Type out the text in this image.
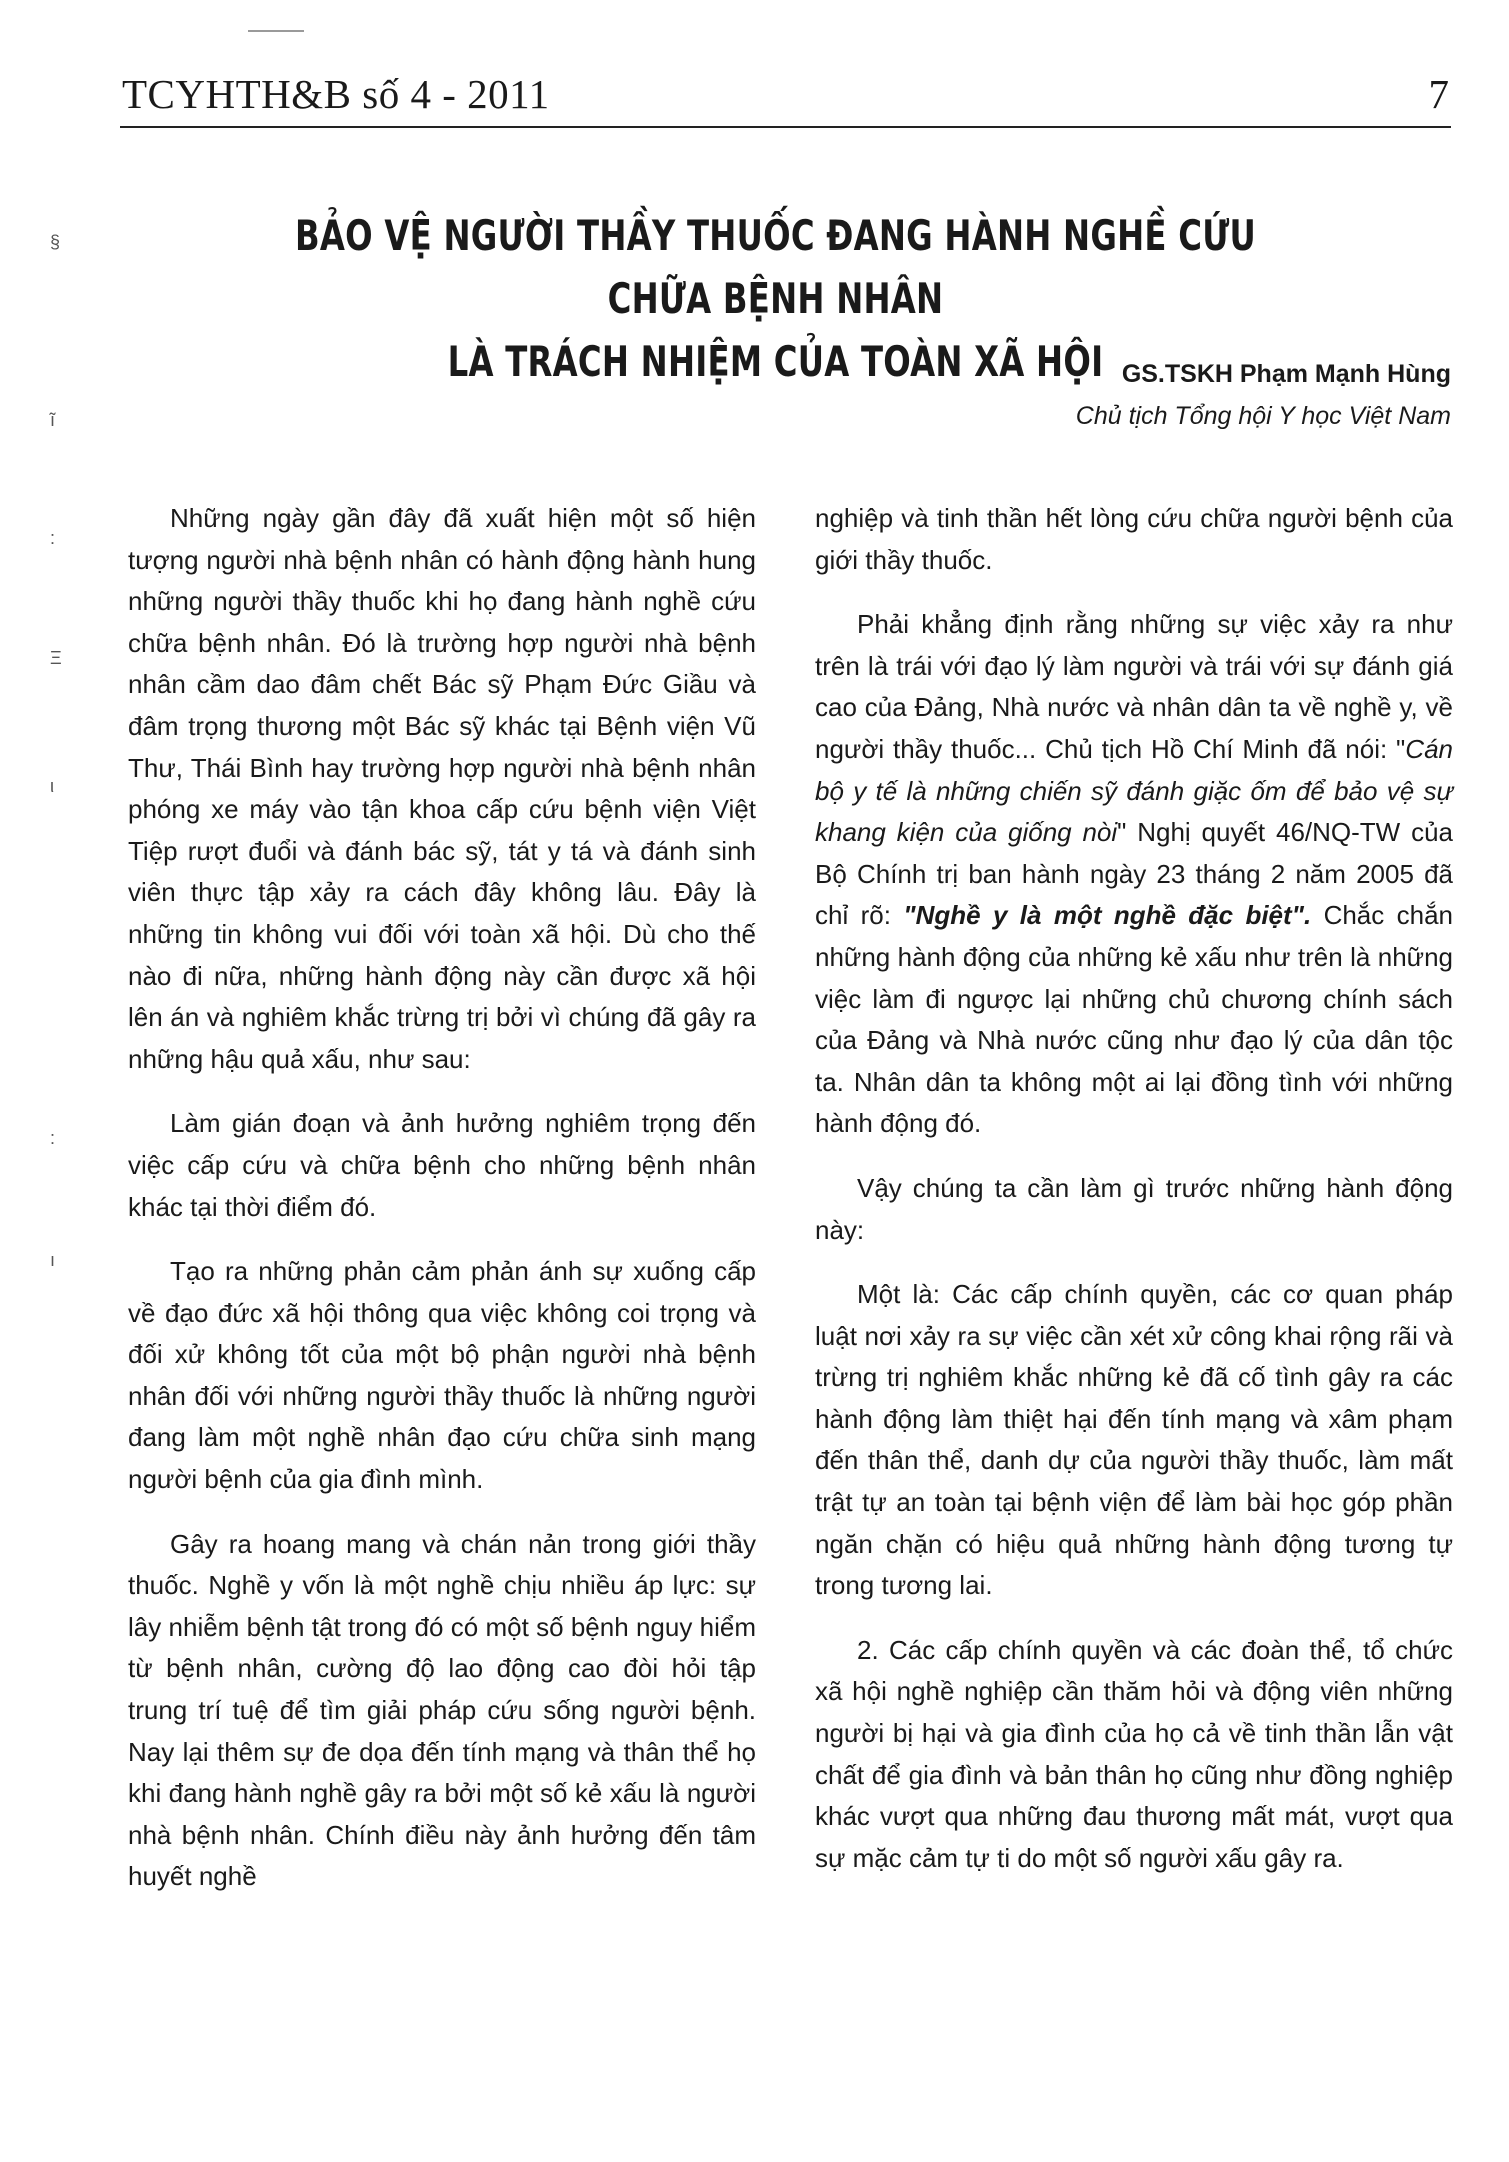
TCYHTH&B số 4 - 2011	7
§
ĩ
:
Ξ
ι
:
ı
BẢO VỆ NGƯỜI THẦY THUỐC ĐANG HÀNH NGHỀ CỨU CHỮA BỆNH NHÂN
LÀ TRÁCH NHIỆM CỦA TOÀN XÃ HỘI GS.TSKH Phạm Mạnh Hùng
Chủ tịch Tổng hội Y học Việt Nam

Những ngày gần đây đã xuất hiện một số hiện tượng người nhà bệnh nhân có hành động hành hung những người thầy thuốc khi họ đang hành nghề cứu chữa bệnh nhân. Đó là trường hợp người nhà bệnh nhân cầm dao đâm chết Bác sỹ Phạm Đức Giầu và đâm trọng thương một Bác sỹ khác tại Bệnh viện Vũ Thư, Thái Bình hay trường hợp người nhà bệnh nhân phóng xe máy vào tận khoa cấp cứu bệnh viện Việt Tiệp rượt đuổi và đánh bác sỹ, tát y tá và đánh sinh viên thực tập xảy ra cách đây không lâu. Đây là những tin không vui đối với toàn xã hội. Dù cho thế nào đi nữa, những hành động này cần được xã hội lên án và nghiêm khắc trừng trị bởi vì chúng đã gây ra những hậu quả xấu, như sau:

Làm gián đoạn và ảnh hưởng nghiêm trọng đến việc cấp cứu và chữa bệnh cho những bệnh nhân khác tại thời điểm đó.

Tạo ra những phản cảm phản ánh sự xuống cấp về đạo đức xã hội thông qua việc không coi trọng và đối xử không tốt của một bộ phận người nhà bệnh nhân đối với những người thầy thuốc là những người đang làm một nghề nhân đạo cứu chữa sinh mạng người bệnh của gia đình mình.

Gây ra hoang mang và chán nản trong giới thầy thuốc. Nghề y vốn là một nghề chịu nhiều áp lực: sự lây nhiễm bệnh tật trong đó có một số bệnh nguy hiểm từ bệnh nhân, cường độ lao động cao đòi hỏi tập trung trí tuệ để tìm giải pháp cứu sống người bệnh. Nay lại thêm sự đe dọa đến tính mạng và thân thể họ khi đang hành nghề gây ra bởi một số kẻ xấu là người nhà bệnh nhân. Chính điều này ảnh hưởng đến tâm huyết nghề

nghiệp và tinh thần hết lòng cứu chữa người bệnh của giới thầy thuốc.

Phải khẳng định rằng những sự việc xảy ra như trên là trái với đạo lý làm người và trái với sự đánh giá cao của Đảng, Nhà nước và nhân dân ta về nghề y, về người thầy thuốc... Chủ tịch Hồ Chí Minh đã nói: "Cán bộ y tế là những chiến sỹ đánh giặc ốm để bảo vệ sự khang kiện của giống nòi" Nghị quyết 46/NQ-TW của Bộ Chính trị ban hành ngày 23 tháng 2 năm 2005 đã chỉ rõ: "Nghề y là một nghề đặc biệt". Chắc chắn những hành động của những kẻ xấu như trên là những việc làm đi ngược lại những chủ chương chính sách của Đảng và Nhà nước cũng như đạo lý của dân tộc ta. Nhân dân ta không một ai lại đồng tình với những hành động đó.

Vậy chúng ta cần làm gì trước những hành động này:

Một là: Các cấp chính quyền, các cơ quan pháp luật nơi xảy ra sự việc cần xét xử công khai rộng rãi và trừng trị nghiêm khắc những kẻ đã cố tình gây ra các hành động làm thiệt hại đến tính mạng và xâm phạm đến thân thể, danh dự của người thầy thuốc, làm mất trật tự an toàn tại bệnh viện để làm bài học góp phần ngăn chặn có hiệu quả những hành động tương tự trong tương lai.

2. Các cấp chính quyền và các đoàn thể, tổ chức xã hội nghề nghiệp cần thăm hỏi và động viên những người bị hại và gia đình của họ cả về tinh thần lẫn vật chất để gia đình và bản thân họ cũng như đồng nghiệp khác vượt qua những đau thương mất mát, vượt qua sự mặc cảm tự ti do một số người xấu gây ra.
